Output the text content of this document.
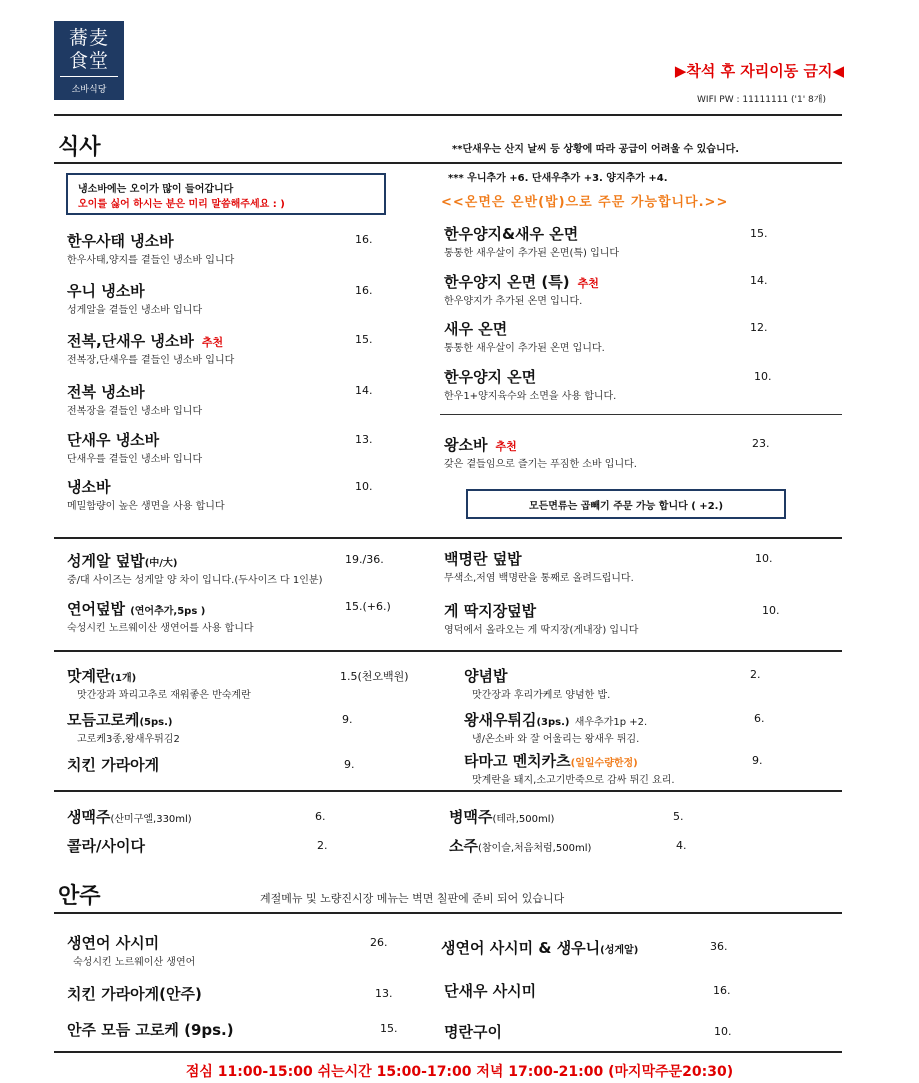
蕎麦
食堂
소바식당
▶착석 후 자리이동 금지◀
WIFI PW : 11111111 ('1' 8개)
식사	**단새우는 산지 날씨 등 상황에 따라 공급이 어려울 수 있습니다.
냉소바에는 오이가 많이 들어갑니다
오이를 싫어 하시는 분은 미리 말씀해주세요 : )
*** 우니추가 +6. 단새우추가 +3. 양지추가 +4.
<<온면은 온반(밥)으로 주문 가능합니다.>>
한우사태 냉소바
한우사태,양지를 곁들인 냉소바 입니다
16.
우니 냉소바
성게알을 곁들인 냉소바 입니다
16.
전복,단새우 냉소바 추천
전복장,단새우를 곁들인 냉소바 입니다
15.
전복 냉소바
전복장을 곁들인 냉소바 입니다
14.
단새우 냉소바
단새우를 곁들인 냉소바 입니다
13.
냉소바
메밀함량이 높은 생면을 사용 합니다
10.
한우양지&새우 온면
통통한 새우살이 추가된 온면(특) 입니다
15.
한우양지 온면 (특) 추천
한우양지가 추가된 온면 입니다.
14.
새우 온면
통통한 새우살이 추가된 온면 입니다.
12.
한우양지 온면
한우1+양지육수와 소면을 사용 합니다.
10.
왕소바 추천
갖은 곁들임으로 즐기는 푸짐한 소바 입니다.
23.
모든면류는 곱빼기 주문 가능 합니다 ( +2.)
성게알 덮밥(中/大)
중/대 사이즈는 성게알 양 차이 입니다.(두사이즈 다 1인분)
19./36.
연어덮밥 (연어추가,5ps )
숙성시킨 노르웨이산 생연어를 사용 합니다
15.(+6.)
백명란 덮밥
무색소,저염 백명란을 통째로 올려드립니다.
10.
게 딱지장덮밥
영덕에서 올라오는 게 딱지장(게내장) 입니다
10.
맛계란(1개)
맛간장과 꽈리고추로 재워좋은 반숙계란
1.5(천오백원)
모듬고로케(5ps.)
고로케3종,왕새우튀김2
9.
치킨 가라아게	9.
양념밥
맛간장과 후리가케로 양념한 밥.
2.
왕새우튀김(3ps.) 새우추가1p +2.
냉/온소바 와 잘 어울리는 왕새우 튀김.
6.
타마고 멘치카츠(일일수량한정)
맛계란을 돼지,소고기반죽으로 감싸 튀긴 요리.
9.
생맥주(산미구엘,330ml)	6.
콜라/사이다	2.
병맥주(테라,500ml)	5.
소주(참이슬,처음처럼,500ml)	4.
안주	계절메뉴 및 노량진시장 메뉴는 벽면 칠판에 준비 되어 있습니다
생연어 사시미
숙성시킨 노르웨이산 생연어
26.
치킨 가라아게(안주)	13.
안주 모듬 고로케 (9ps.)	15.
생연어 사시미 & 생우니(성게알)	36.
단새우 사시미	16.
명란구이	10.
점심 11:00-15:00 쉬는시간 15:00-17:00 저녁 17:00-21:00 (마지막주문20:30)
